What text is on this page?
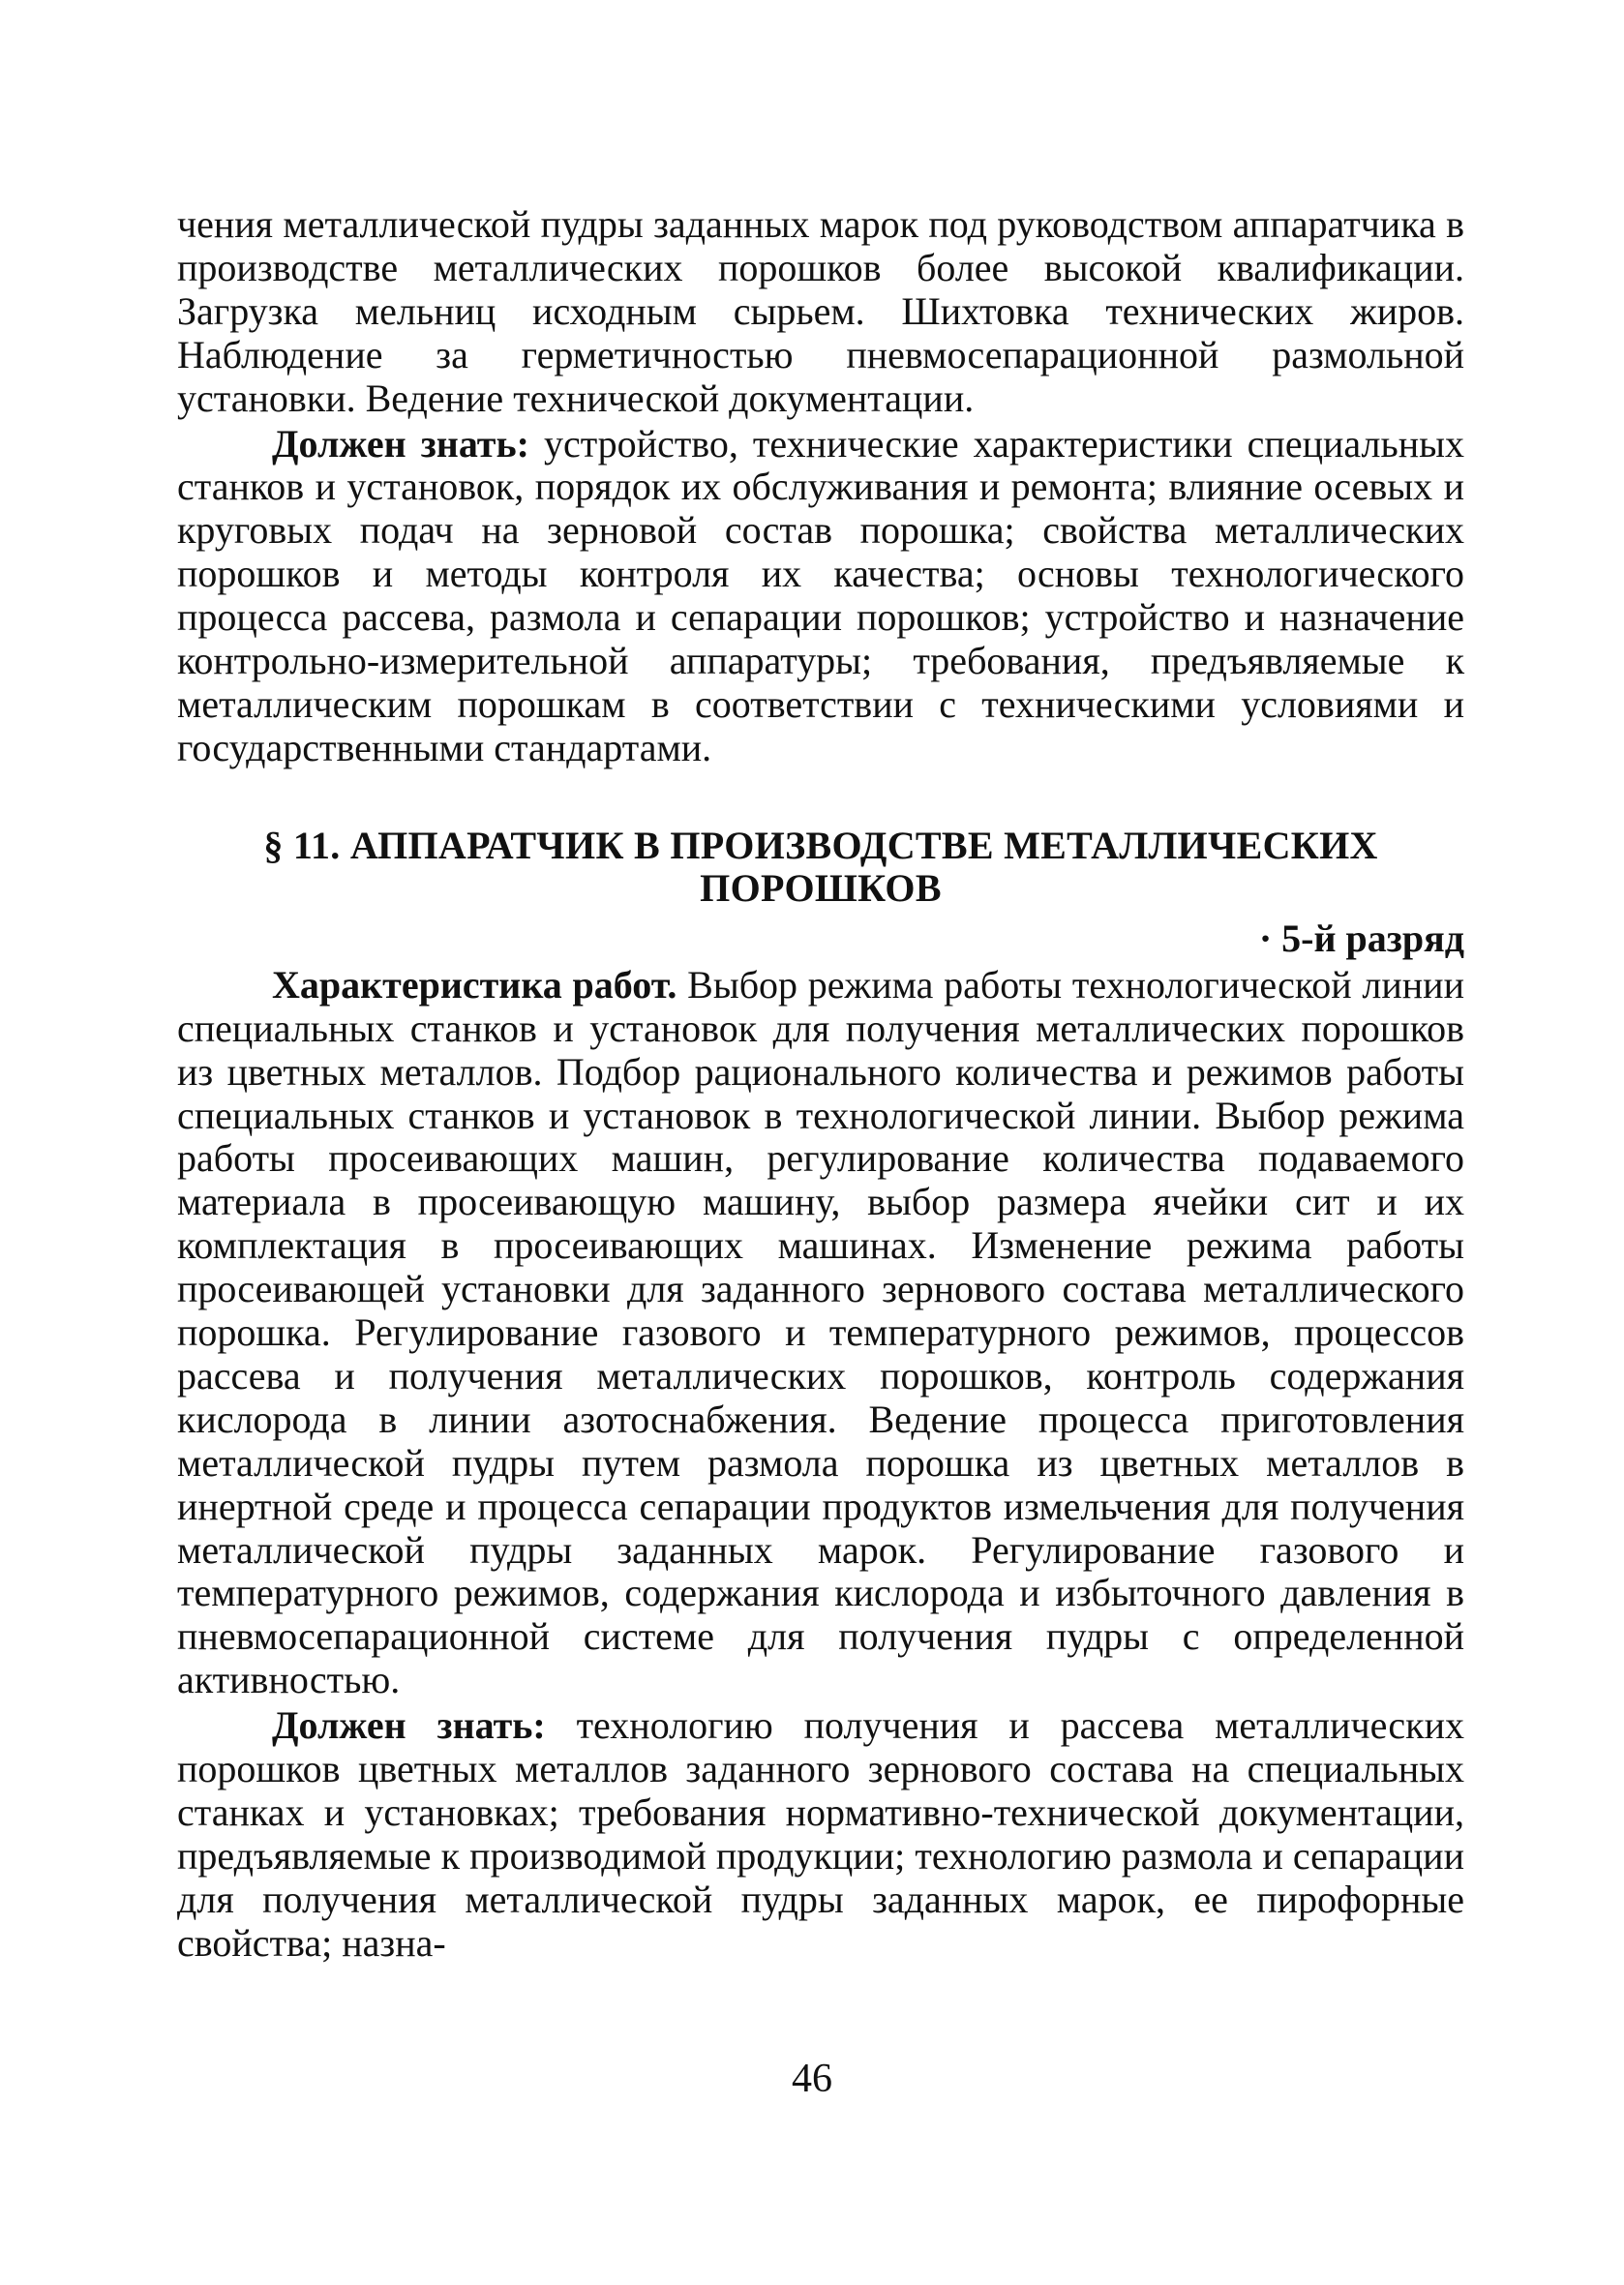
чения металлической пудры заданных марок под руководством аппаратчика в производстве металлических порошков более высокой квалификации. Загрузка мельниц исходным сырьем. Шихтовка технических жиров. Наблюдение за герметичностью пневмосепарационной размольной установки. Ведение технической документации.

Должен знать: устройство, технические характеристики специальных станков и установок, порядок их обслуживания и ремонта; влияние осевых и круговых подач на зерновой состав порошка; свойства металлических порошков и методы контроля их качества; основы технологического процесса рассева, размола и сепарации порошков; устройство и назначение контрольно-измерительной аппаратуры; требования, предъявляемые к металлическим порошкам в соответствии с техническими условиями и государственными стандартами.

§ 11. АППАРАТЧИК В ПРОИЗВОДСТВЕ МЕТАЛЛИЧЕСКИХ
ПОРОШКОВ
· 5-й разряд

Характеристика работ. Выбор режима работы технологической линии специальных станков и установок для получения металлических порошков из цветных металлов. Подбор рационального количества и режимов работы специальных станков и установок в технологической линии. Выбор режима работы просеивающих машин, регулирование количества подаваемого материала в просеивающую машину, выбор размера ячейки сит и их комплектация в просеивающих машинах. Изменение режима работы просеивающей установки для заданного зернового состава металлического порошка. Регулирование газового и температурного режимов, процессов рассева и получения металлических порошков, контроль содержания кислорода в линии азотоснабжения. Ведение процесса приготовления металлической пудры путем размола порошка из цветных металлов в инертной среде и процесса сепарации продуктов измельчения для получения металлической пудры заданных марок. Регулирование газового и температурного режимов, содержания кислорода и избыточного давления в пневмосепарационной системе для получения пудры с определенной активностью.

Должен знать: технологию получения и рассева металлических порошков цветных металлов заданного зернового состава на специальных станках и установках; требования нормативно-технической документации, предъявляемые к производимой продукции; технологию размола и сепарации для получения металлической пудры заданных марок, ее пирофорные свойства; назна-

46
